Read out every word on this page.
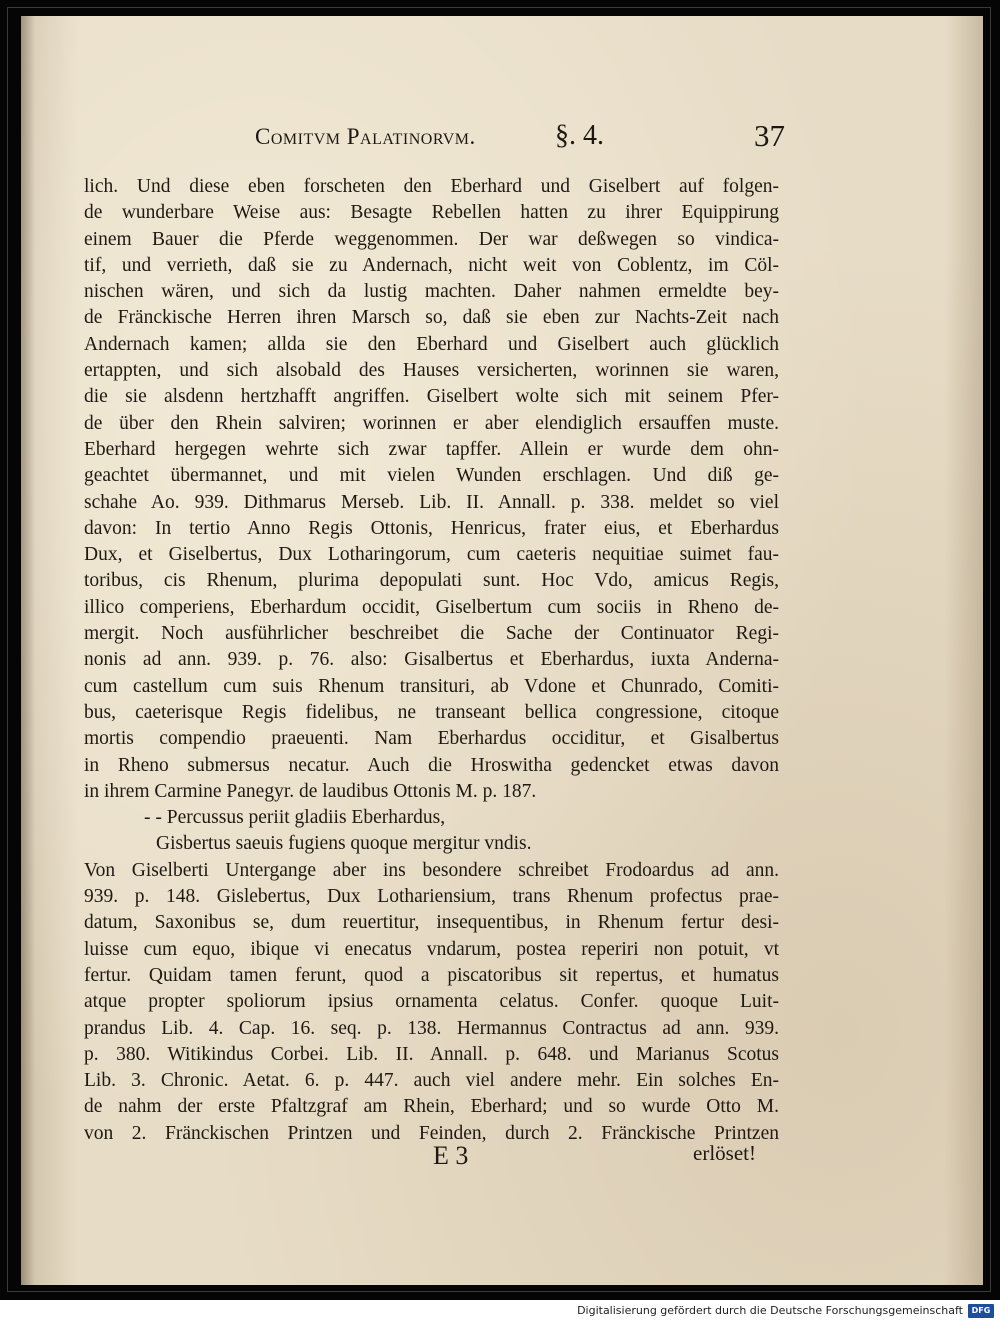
Comitvm Palatinorvm.	§. 4.	37
lich. Und diese eben forscheten den Eberhard und Giselbert auf folgen-
de wunderbare Weise aus: Besagte Rebellen hatten zu ihrer Equippirung
einem Bauer die Pferde weggenommen. Der war deßwegen so vindica-
tif, und verrieth, daß sie zu Andernach, nicht weit von Coblentz, im Cöl-
nischen wären, und sich da lustig machten. Daher nahmen ermeldte bey-
de Fränckische Herren ihren Marsch so, daß sie eben zur Nachts-Zeit nach
Andernach kamen; allda sie den Eberhard und Giselbert auch glücklich
ertappten, und sich alsobald des Hauses versicherten, worinnen sie waren,
die sie alsdenn hertzhafft angriffen. Giselbert wolte sich mit seinem Pfer-
de über den Rhein salviren; worinnen er aber elendiglich ersauffen muste.
Eberhard hergegen wehrte sich zwar tapffer. Allein er wurde dem ohn-
geachtet übermannet, und mit vielen Wunden erschlagen. Und diß ge-
schahe Ao. 939. Dithmarus Merseb. Lib. II. Annall. p. 338. meldet so viel
davon: In tertio Anno Regis Ottonis, Henricus, frater eius, et Eberhardus
Dux, et Giselbertus, Dux Lotharingorum, cum caeteris nequitiae suimet fau-
toribus, cis Rhenum, plurima depopulati sunt. Hoc Vdo, amicus Regis,
illico comperiens, Eberhardum occidit, Giselbertum cum sociis in Rheno de-
mergit. Noch ausführlicher beschreibet die Sache der Continuator Regi-
nonis ad ann. 939. p. 76. also: Gisalbertus et Eberhardus, iuxta Anderna-
cum castellum cum suis Rhenum transituri, ab Vdone et Chunrado, Comiti-
bus, caeterisque Regis fidelibus, ne transeant bellica congressione, citoque
mortis compendio praeuenti. Nam Eberhardus occiditur, et Gisalbertus
in Rheno submersus necatur. Auch die Hroswitha gedencket etwas davon
in ihrem Carmine Panegyr. de laudibus Ottonis M. p. 187.
- - Percussus periit gladiis Eberhardus,
Gisbertus saeuis fugiens quoque mergitur vndis.
Von Giselberti Untergange aber ins besondere schreibet Frodoardus ad ann.
939. p. 148. Gislebertus, Dux Lothariensium, trans Rhenum profectus prae-
datum, Saxonibus se, dum reuertitur, insequentibus, in Rhenum fertur desi-
luisse cum equo, ibique vi enecatus vndarum, postea reperiri non potuit, vt
fertur. Quidam tamen ferunt, quod a piscatoribus sit repertus, et humatus
atque propter spoliorum ipsius ornamenta celatus. Confer. quoque Luit-
prandus Lib. 4. Cap. 16. seq. p. 138. Hermannus Contractus ad ann. 939.
p. 380. Witikindus Corbei. Lib. II. Annall. p. 648. und Marianus Scotus
Lib. 3. Chronic. Aetat. 6. p. 447. auch viel andere mehr. Ein solches En-
de nahm der erste Pfaltzgraf am Rhein, Eberhard; und so wurde Otto M.
von 2. Fränckischen Printzen und Feinden, durch 2. Fränckische Printzen
E 3	erlöset!
Digitalisierung gefördert durch die Deutsche Forschungsgemeinschaft	DFG
